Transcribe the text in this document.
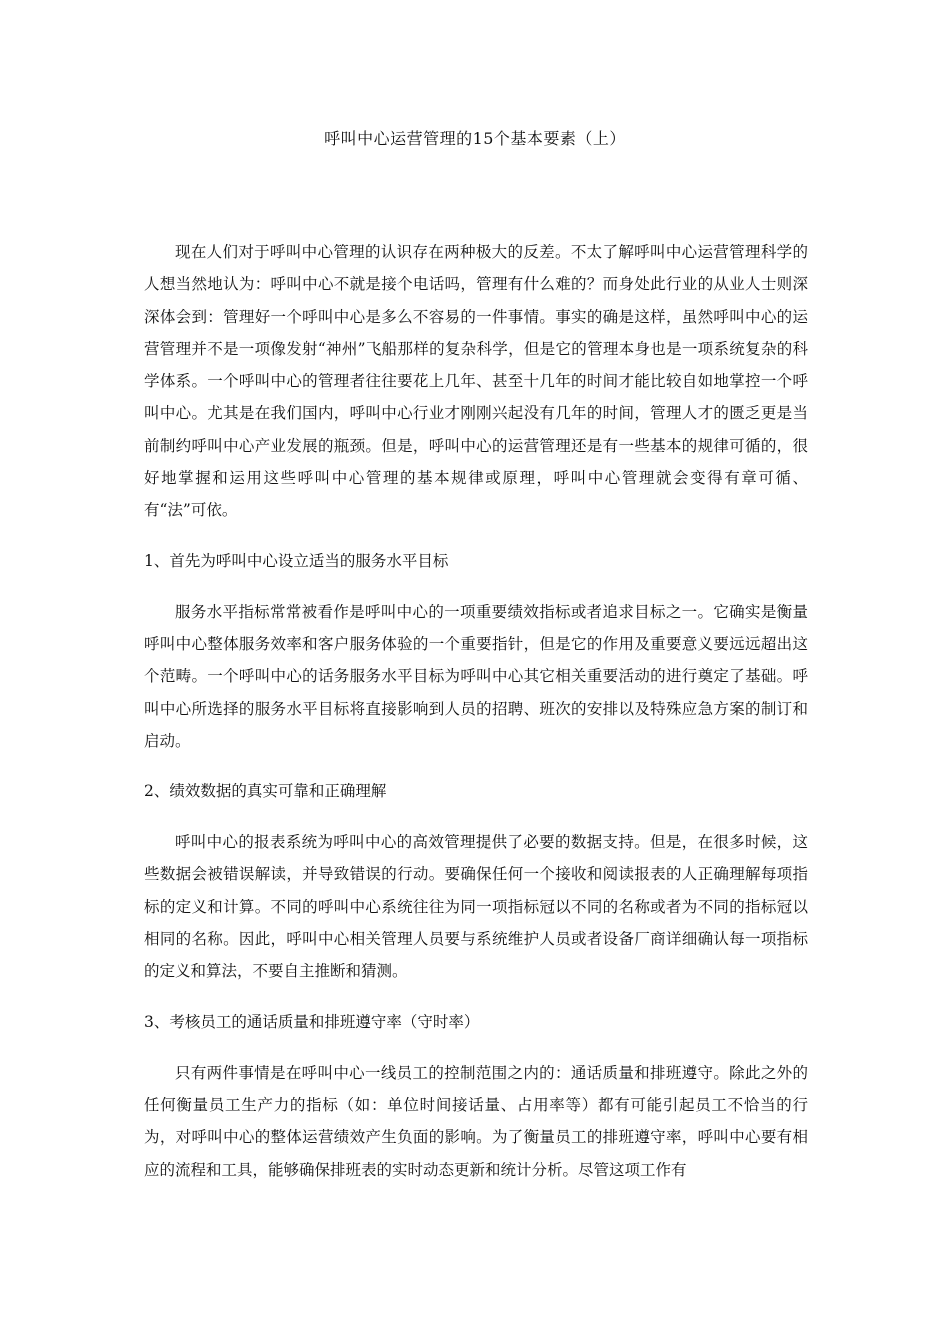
呼叫中心运营管理的15个基本要素（上）

现在人们对于呼叫中心管理的认识存在两种极大的反差。不太了解呼叫中心运营管理科学的人想当然地认为：呼叫中心不就是接个电话吗，管理有什么难的？而身处此行业的从业人士则深深体会到：管理好一个呼叫中心是多么不容易的一件事情。事实的确是这样，虽然呼叫中心的运营管理并不是一项像发射“神州”飞船那样的复杂科学，但是它的管理本身也是一项系统复杂的科学体系。一个呼叫中心的管理者往往要花上几年、甚至十几年的时间才能比较自如地掌控一个呼叫中心。尤其是在我们国内，呼叫中心行业才刚刚兴起没有几年的时间，管理人才的匮乏更是当前制约呼叫中心产业发展的瓶颈。但是，呼叫中心的运营管理还是有一些基本的规律可循的，很好地掌握和运用这些呼叫中心管理的基本规律或原理，呼叫中心管理就会变得有章可循、有“法”可依。

1、首先为呼叫中心设立适当的服务水平目标

服务水平指标常常被看作是呼叫中心的一项重要绩效指标或者追求目标之一。它确实是衡量呼叫中心整体服务效率和客户服务体验的一个重要指针，但是它的作用及重要意义要远远超出这个范畴。一个呼叫中心的话务服务水平目标为呼叫中心其它相关重要活动的进行奠定了基础。呼叫中心所选择的服务水平目标将直接影响到人员的招聘、班次的安排以及特殊应急方案的制订和启动。

2、绩效数据的真实可靠和正确理解

呼叫中心的报表系统为呼叫中心的高效管理提供了必要的数据支持。但是，在很多时候，这些数据会被错误解读，并导致错误的行动。要确保任何一个接收和阅读报表的人正确理解每项指标的定义和计算。不同的呼叫中心系统往往为同一项指标冠以不同的名称或者为不同的指标冠以相同的名称。因此，呼叫中心相关管理人员要与系统维护人员或者设备厂商详细确认每一项指标的定义和算法，不要自主推断和猜测。

3、考核员工的通话质量和排班遵守率（守时率）

只有两件事情是在呼叫中心一线员工的控制范围之内的：通话质量和排班遵守。除此之外的任何衡量员工生产力的指标（如：单位时间接话量、占用率等）都有可能引起员工不恰当的行为，对呼叫中心的整体运营绩效产生负面的影响。为了衡量员工的排班遵守率，呼叫中心要有相应的流程和工具，能够确保排班表的实时动态更新和统计分析。尽管这项工作有
